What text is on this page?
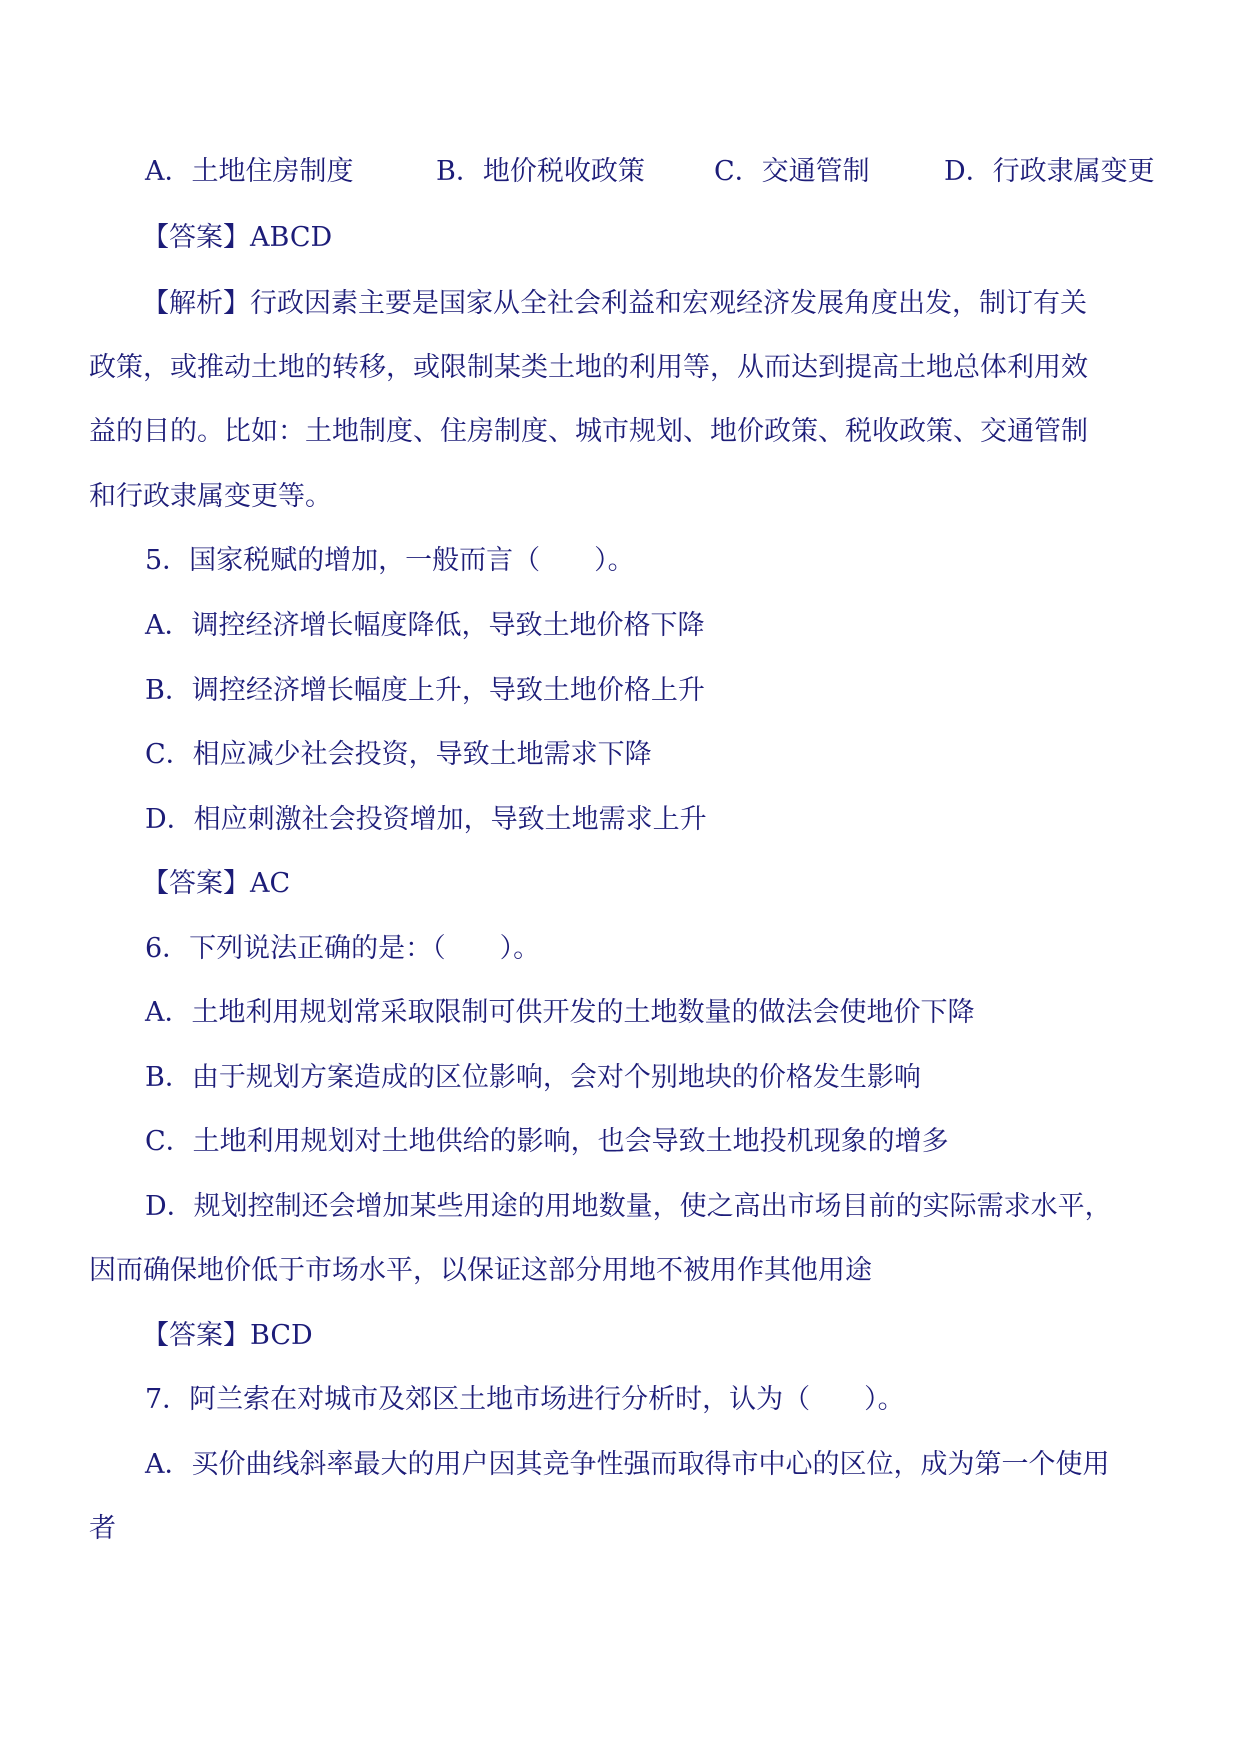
A．土地住房制度	B．地价税收政策	C．交通管制	D．行政隶属变更
【答案】ABCD
【解析】行政因素主要是国家从全社会利益和宏观经济发展角度出发，制订有关
政策，或推动土地的转移，或限制某类土地的利用等，从而达到提高土地总体利用效
益的目的。比如：土地制度、住房制度、城市规划、地价政策、税收政策、交通管制
和行政隶属变更等。
5．国家税赋的增加，一般而言（　　）。
A．调控经济增长幅度降低，导致土地价格下降
B．调控经济增长幅度上升，导致土地价格上升
C．相应减少社会投资，导致土地需求下降
D．相应刺激社会投资增加，导致土地需求上升
【答案】AC
6．下列说法正确的是：（　　）。
A．土地利用规划常采取限制可供开发的土地数量的做法会使地价下降
B．由于规划方案造成的区位影响，会对个别地块的价格发生影响
C．土地利用规划对土地供给的影响，也会导致土地投机现象的增多
D．规划控制还会增加某些用途的用地数量，使之高出市场目前的实际需求水平，
因而确保地价低于市场水平，以保证这部分用地不被用作其他用途
【答案】BCD
7．阿兰索在对城市及郊区土地市场进行分析时，认为（　　）。
A．买价曲线斜率最大的用户因其竞争性强而取得市中心的区位，成为第一个使用
者
